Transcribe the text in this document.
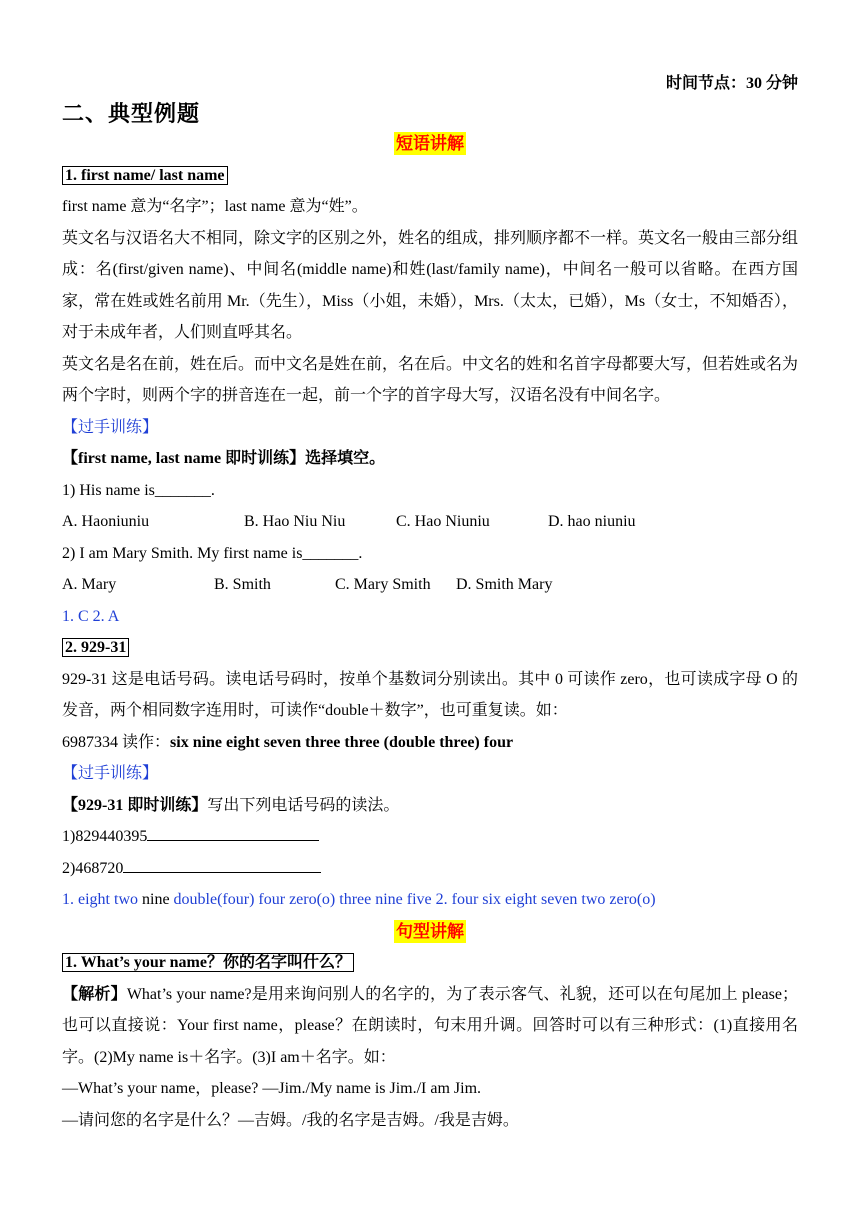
时间节点：30 分钟
二、典型例题
短语讲解
1. first name/ last name
first name 意为“名字”；last name 意为“姓”。
英文名与汉语名大不相同，除文字的区别之外，姓名的组成，排列顺序都不一样。英文名一般由三部分组成：名(first/given name)、中间名(middle name)和姓(last/family name)，中间名一般可以省略。在西方国家，常在姓或姓名前用 Mr.（先生），Miss（小姐，未婚），Mrs.（太太，已婚），Ms（女士，不知婚否），对于未成年者，人们则直呼其名。
英文名是名在前，姓在后。而中文名是姓在前，名在后。中文名的姓和名首字母都要大写，但若姓或名为两个字时，则两个字的拼音连在一起，前一个字的首字母大写，汉语名没有中间名字。
【过手训练】
【first name, last name 即时训练】选择填空。
1) His name is_______.
A. Haoniuniu	B. Hao Niu Niu	C. Hao Niuniu	D. hao niuniu
2) I am Mary Smith. My first name is_______.
A. Mary	B. Smith	C. Mary Smith D. Smith Mary
1. C 2. A
2. 929-31
929-31 这是电话号码。读电话号码时，按单个基数词分别读出。其中 0 可读作 zero，也可读成字母 O 的发音，两个相同数字连用时，可读作“double＋数字”，也可重复读。如：
6987334 读作：six nine eight seven three three (double three) four
【过手训练】
【929-31 即时训练】写出下列电话号码的读法。
1)829440395
2)468720
1. eight two nine double(four) four zero(o) three nine five 2. four six eight seven two zero(o)
句型讲解
1. What’s your name？你的名字叫什么？
【解析】What’s your name?是用来询问别人的名字的，为了表示客气、礼貌，还可以在句尾加上 please；也可以直接说：Your first name，please？在朗读时，句末用升调。回答时可以有三种形式：(1)直接用名字。(2)My name is＋名字。(3)I am＋名字。如：
—What’s your name，please? —Jim./My name is Jim./I am Jim.
—请问您的名字是什么？—吉姆。/我的名字是吉姆。/我是吉姆。
